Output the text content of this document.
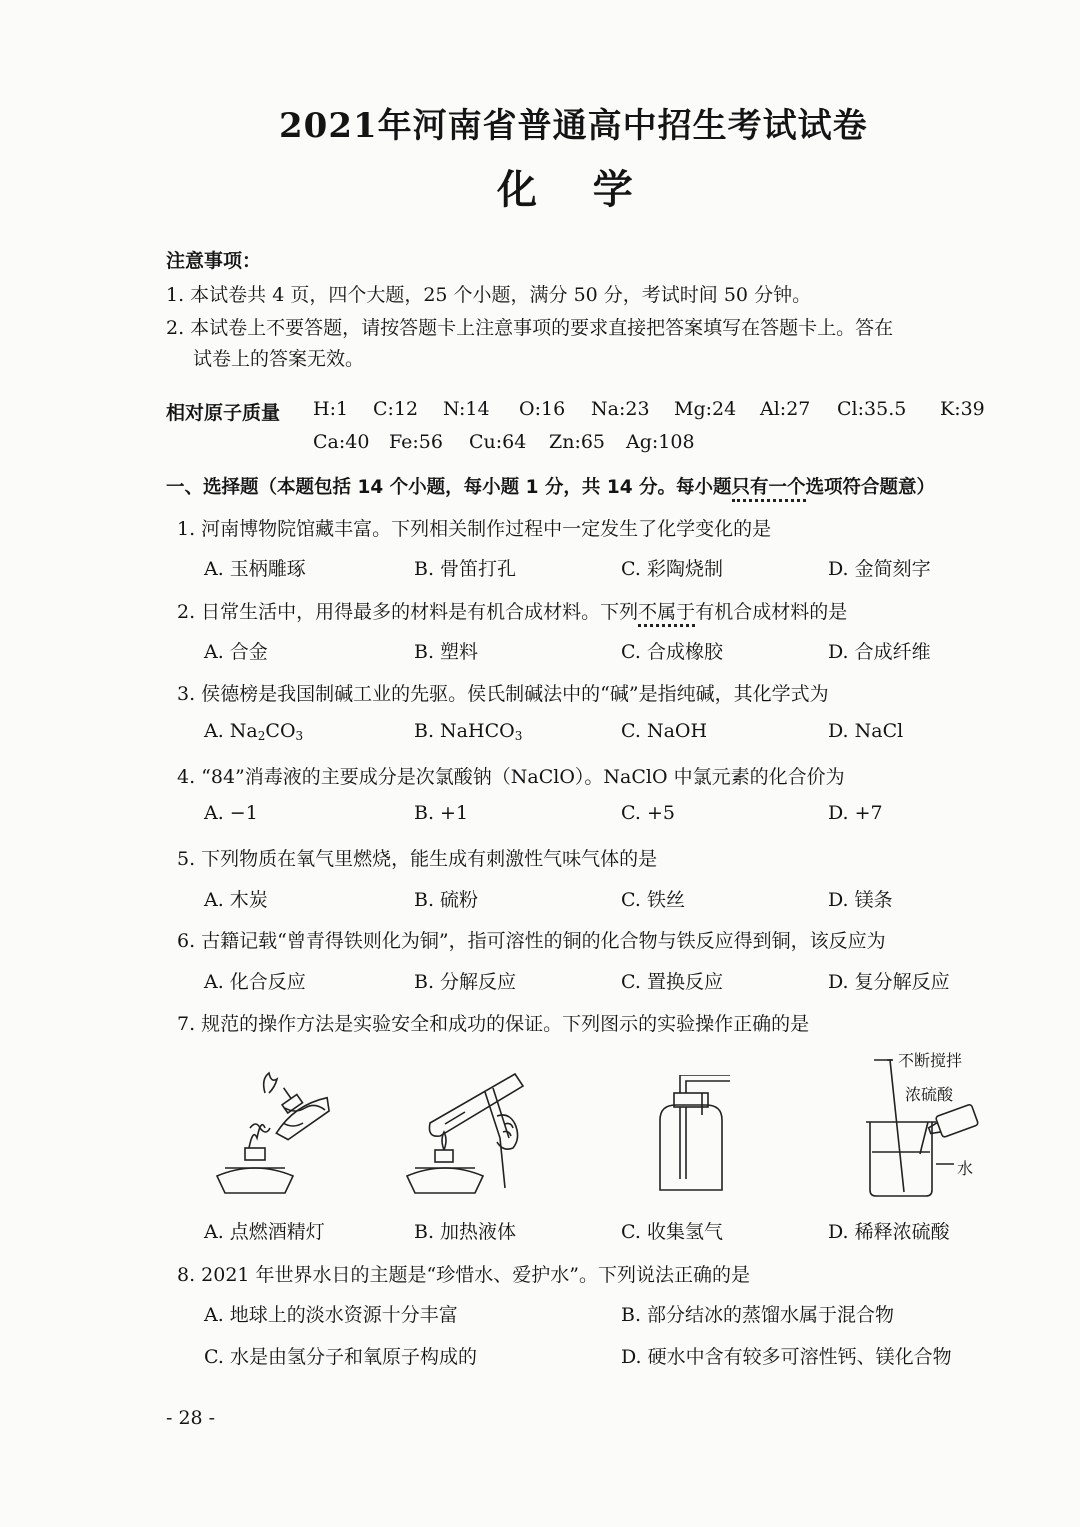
2021年河南省普通高中招生考试试卷
化    学
注意事项：
1. 本试卷共 4 页，四个大题，25 个小题，满分 50 分，考试时间 50 分钟。
2. 本试卷上不要答题，请按答题卡上注意事项的要求直接把答案填写在答题卡上。答在
试卷上的答案无效。
相对原子质量 H:1 C:12 N:14 O:16 Na:23 Mg:24 Al:27 Cl:35.5 K:39
Ca:40 Fe:56 Cu:64 Zn:65 Ag:108
一、选择题（本题包括 14 个小题，每小题 1 分，共 14 分。每小题只有一个选项符合题意）
1. 河南博物院馆藏丰富。下列相关制作过程中一定发生了化学变化的是
A. 玉柄雕琢	B. 骨笛打孔	C. 彩陶烧制	D. 金简刻字
2. 日常生活中，用得最多的材料是有机合成材料。下列不属于有机合成材料的是
A. 合金	B. 塑料	C. 合成橡胶	D. 合成纤维
3. 侯德榜是我国制碱工业的先驱。侯氏制碱法中的“碱”是指纯碱，其化学式为
A. $Na_2CO_3$	B. NaHCO$_3$	C. NaOH	D. NaCl
4. “84”消毒液的主要成分是次氯酸钠（NaClO）。NaClO 中氯元素的化合价为
A. −1	B. +1	C. +5	D. +7
5. 下列物质在氧气里燃烧，能生成有刺激性气味气体的是
A. 木炭	B. 硫粉	C. 铁丝	D. 镁条
6. 古籍记载“曾青得铁则化为铜”，指可溶性的铜的化合物与铁反应得到铜，该反应为
A. 化合反应	B. 分解反应	C. 置换反应	D. 复分解反应
7. 规范的操作方法是实验安全和成功的保证。下列图示的实验操作正确的是
不断搅拌
浓硫酸
水
A. 点燃酒精灯	B. 加热液体	C. 收集氢气	D. 稀释浓硫酸
8. 2021 年世界水日的主题是“珍惜水、爱护水”。下列说法正确的是
A. 地球上的淡水资源十分丰富	B. 部分结冰的蒸馏水属于混合物
C. 水是由氢分子和氧原子构成的	D. 硬水中含有较多可溶性钙、镁化合物
- 28 -
